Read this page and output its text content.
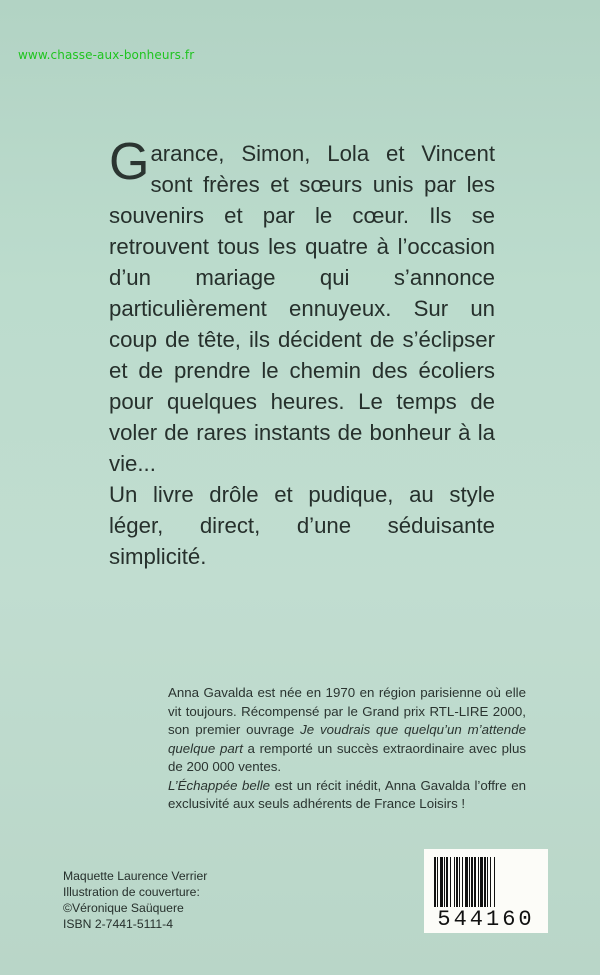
www.chasse-aux-bonheurs.fr

Garance, Simon, Lola et Vincent sont frères et sœurs unis par les souvenirs et par le cœur. Ils se retrouvent tous les quatre à l’occasion d’un mariage qui s’annonce particulièrement ennuyeux. Sur un coup de tête, ils décident de s’éclipser et de prendre le chemin des écoliers pour quelques heures. Le temps de voler de rares instants de bonheur à la vie...

Un livre drôle et pudique, au style léger, direct, d’une séduisante simplicité.

Anna Gavalda est née en 1970 en région parisienne où elle vit toujours. Récompensé par le Grand prix RTL-LIRE 2000, son premier ouvrage Je voudrais que quelqu’un m’attende quelque part a remporté un succès extraordinaire avec plus de 200 000 ventes.

L’Échappée belle est un récit inédit, Anna Gavalda l’offre en exclusivité aux seuls adhérents de France Loisirs !

Maquette Laurence Verrier
Illustration de couverture:
©Véronique Saüquere
ISBN 2-7441-5111-4	544160
